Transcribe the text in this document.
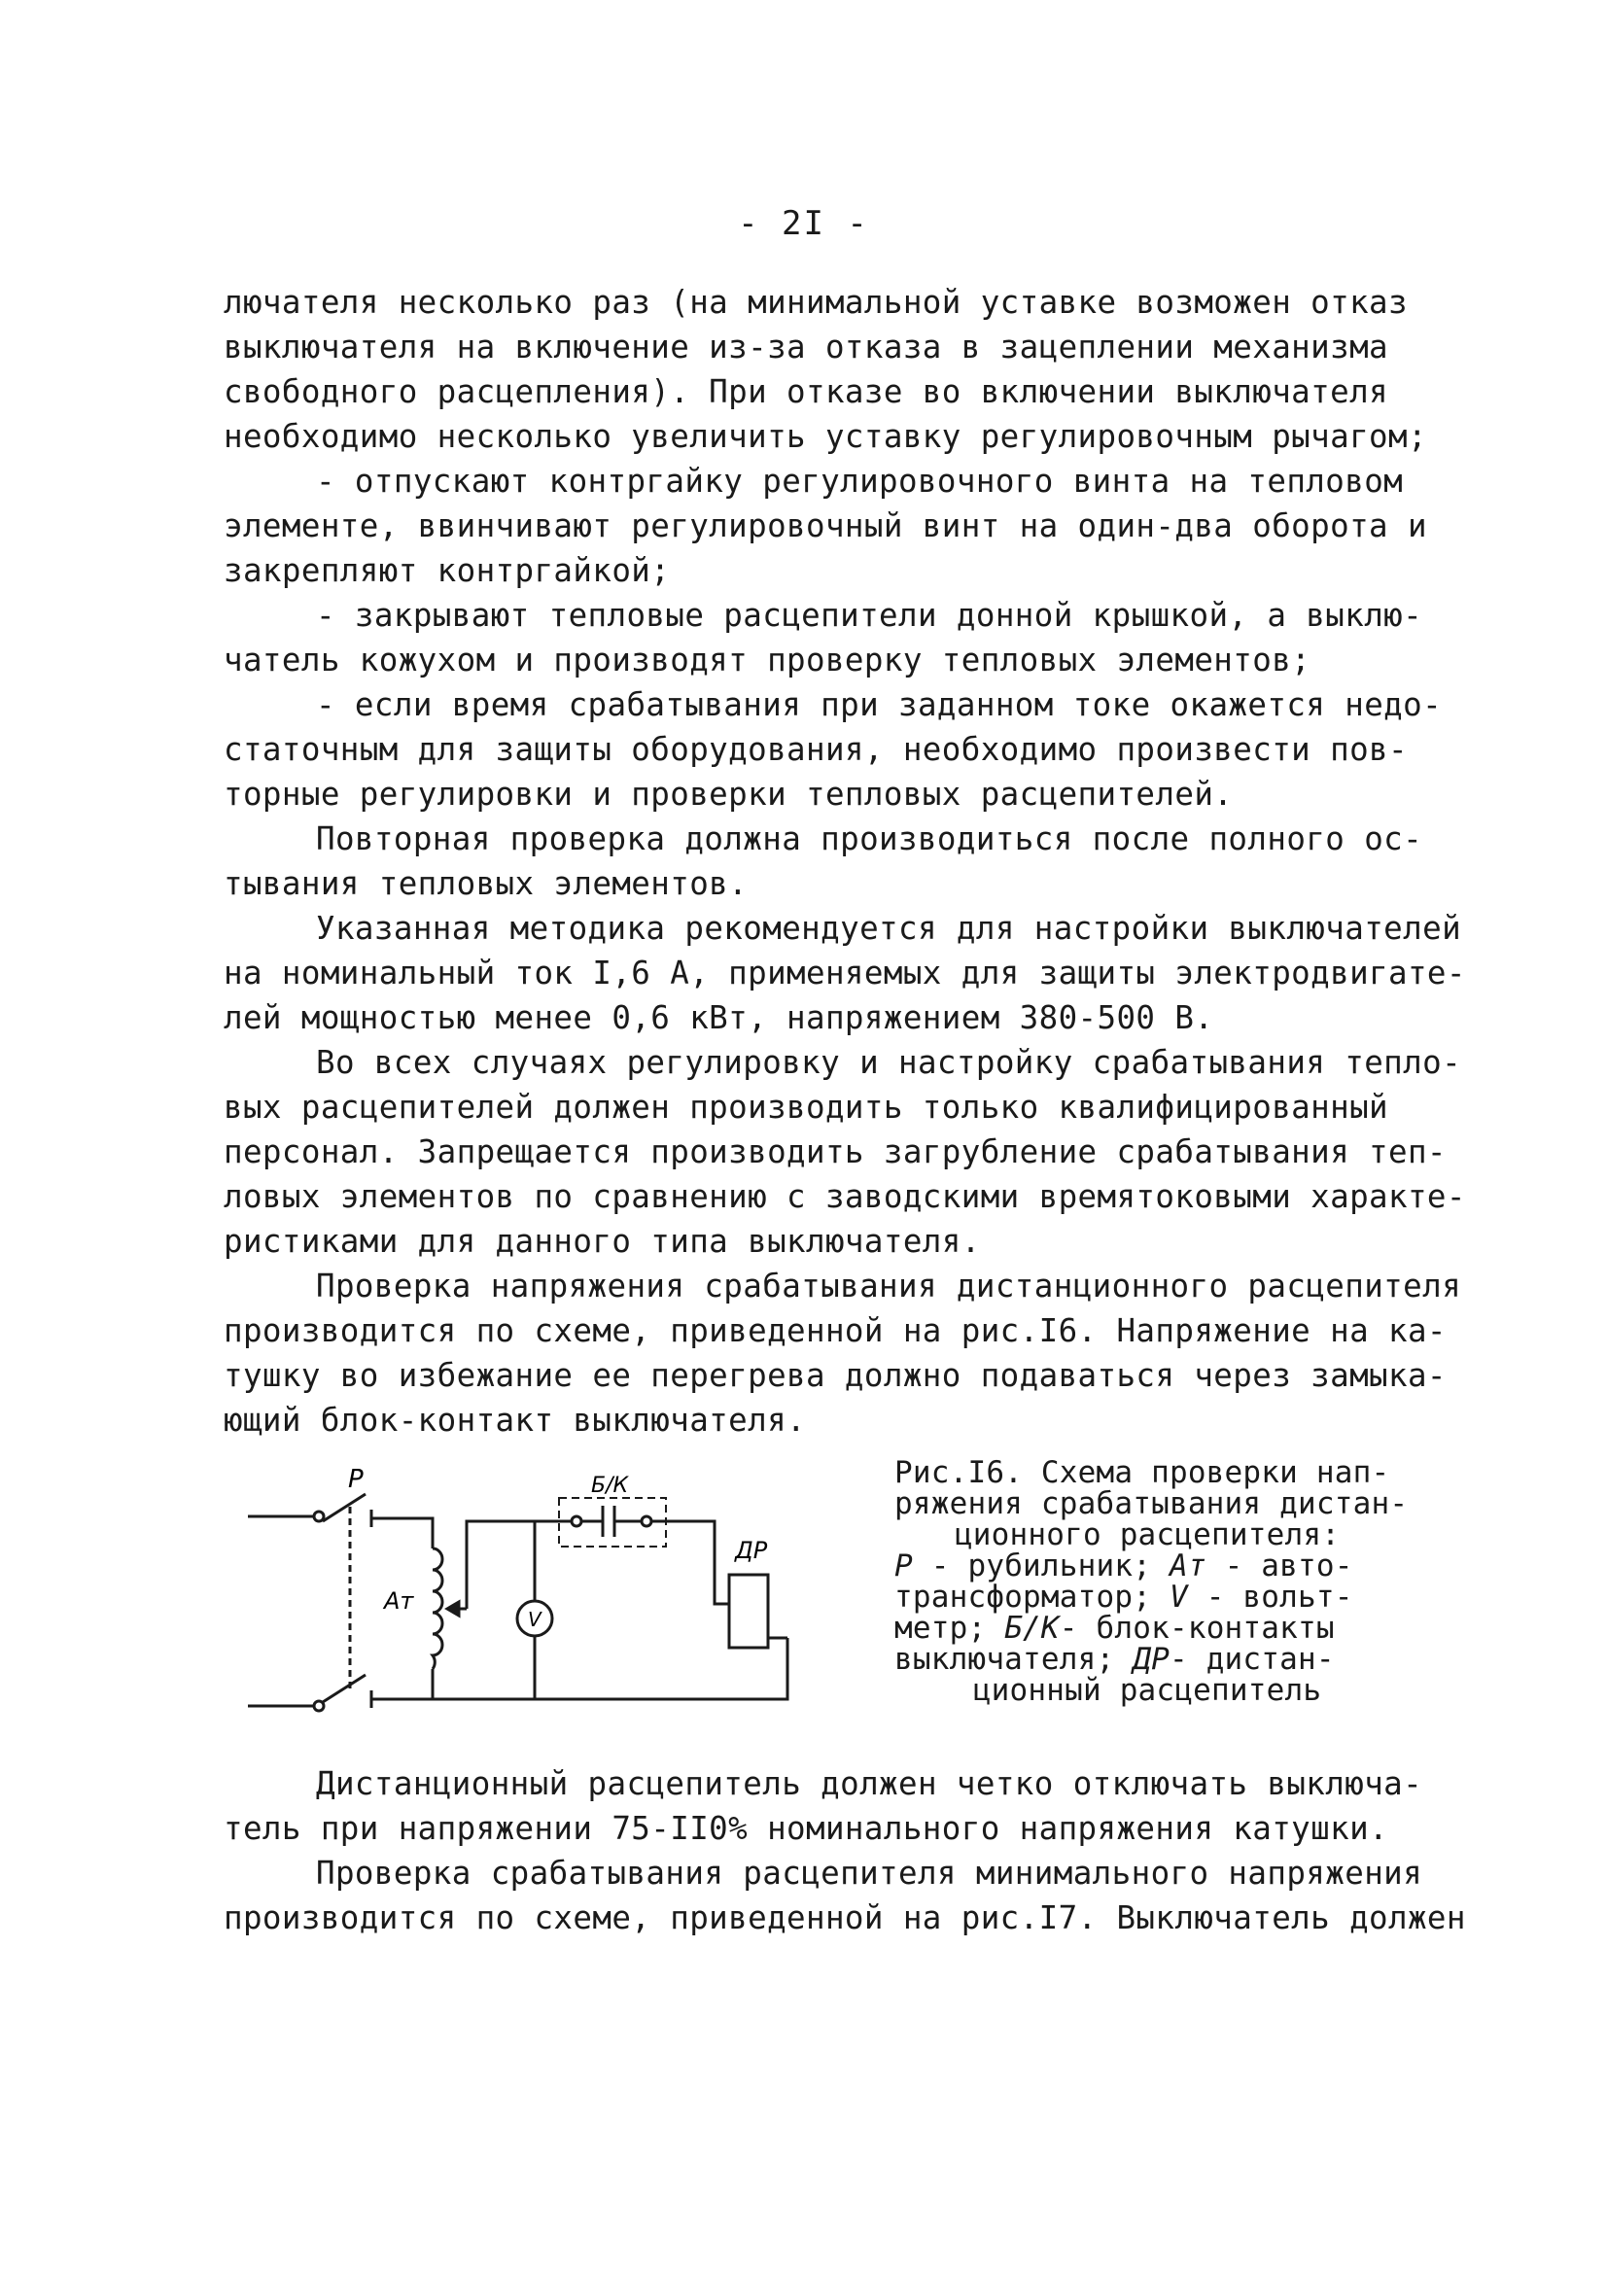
- 2I -
лючателя несколько раз (на минимальной уставке возможен отказ
выключателя на включение из-за отказа в зацеплении механизма
свободного расцепления). При отказе во включении выключателя
необходимо несколько увеличить уставку регулировочным рычагом;
- отпускают контргайку регулировочного винта на тепловом
элементе, ввинчивают регулировочный винт на один-два оборота и
закрепляют контргайкой;
- закрывают тепловые расцепители донной крышкой, а выклю-
чатель кожухом и производят проверку тепловых элементов;
- если время срабатывания при заданном токе окажется недо-
статочным для защиты оборудования, необходимо произвести пов-
торные регулировки и проверки тепловых расцепителей.
Повторная проверка должна производиться после полного ос-
тывания тепловых элементов.
Указанная методика рекомендуется для настройки выключателей
на номинальный ток I,6 А, применяемых для защиты электродвигате-
лей мощностью менее 0,6 кВт, напряжением 380-500 В.
Во всех случаях регулировку и настройку срабатывания тепло-
вых расцепителей должен производить только квалифицированный
персонал. Запрещается производить загрубление срабатывания теп-
ловых элементов по сравнению с заводскими времятоковыми характе-
ристиками для данного типа выключателя.
Проверка напряжения срабатывания дистанционного расцепителя
производится по схеме, приведенной на рис.I6. Напряжение на ка-
тушку во избежание ее перегрева должно подаваться через замыка-
ющий блок-контакт выключателя.
Р
Ат
V
Б/К
ДР
Рис.I6. Схема проверки нап-
ряжения срабатывания дистан-
ционного расцепителя:
Р - рубильник; Ат - авто-
трансформатор; V - вольт-
метр; Б/К- блок-контакты
выключателя; ДР- дистан-
ционный расцепитель
Дистанционный расцепитель должен четко отключать выключа-
тель при напряжении 75-II0% номинального напряжения катушки.
Проверка срабатывания расцепителя минимального напряжения
производится по схеме, приведенной на рис.I7. Выключатель должен
